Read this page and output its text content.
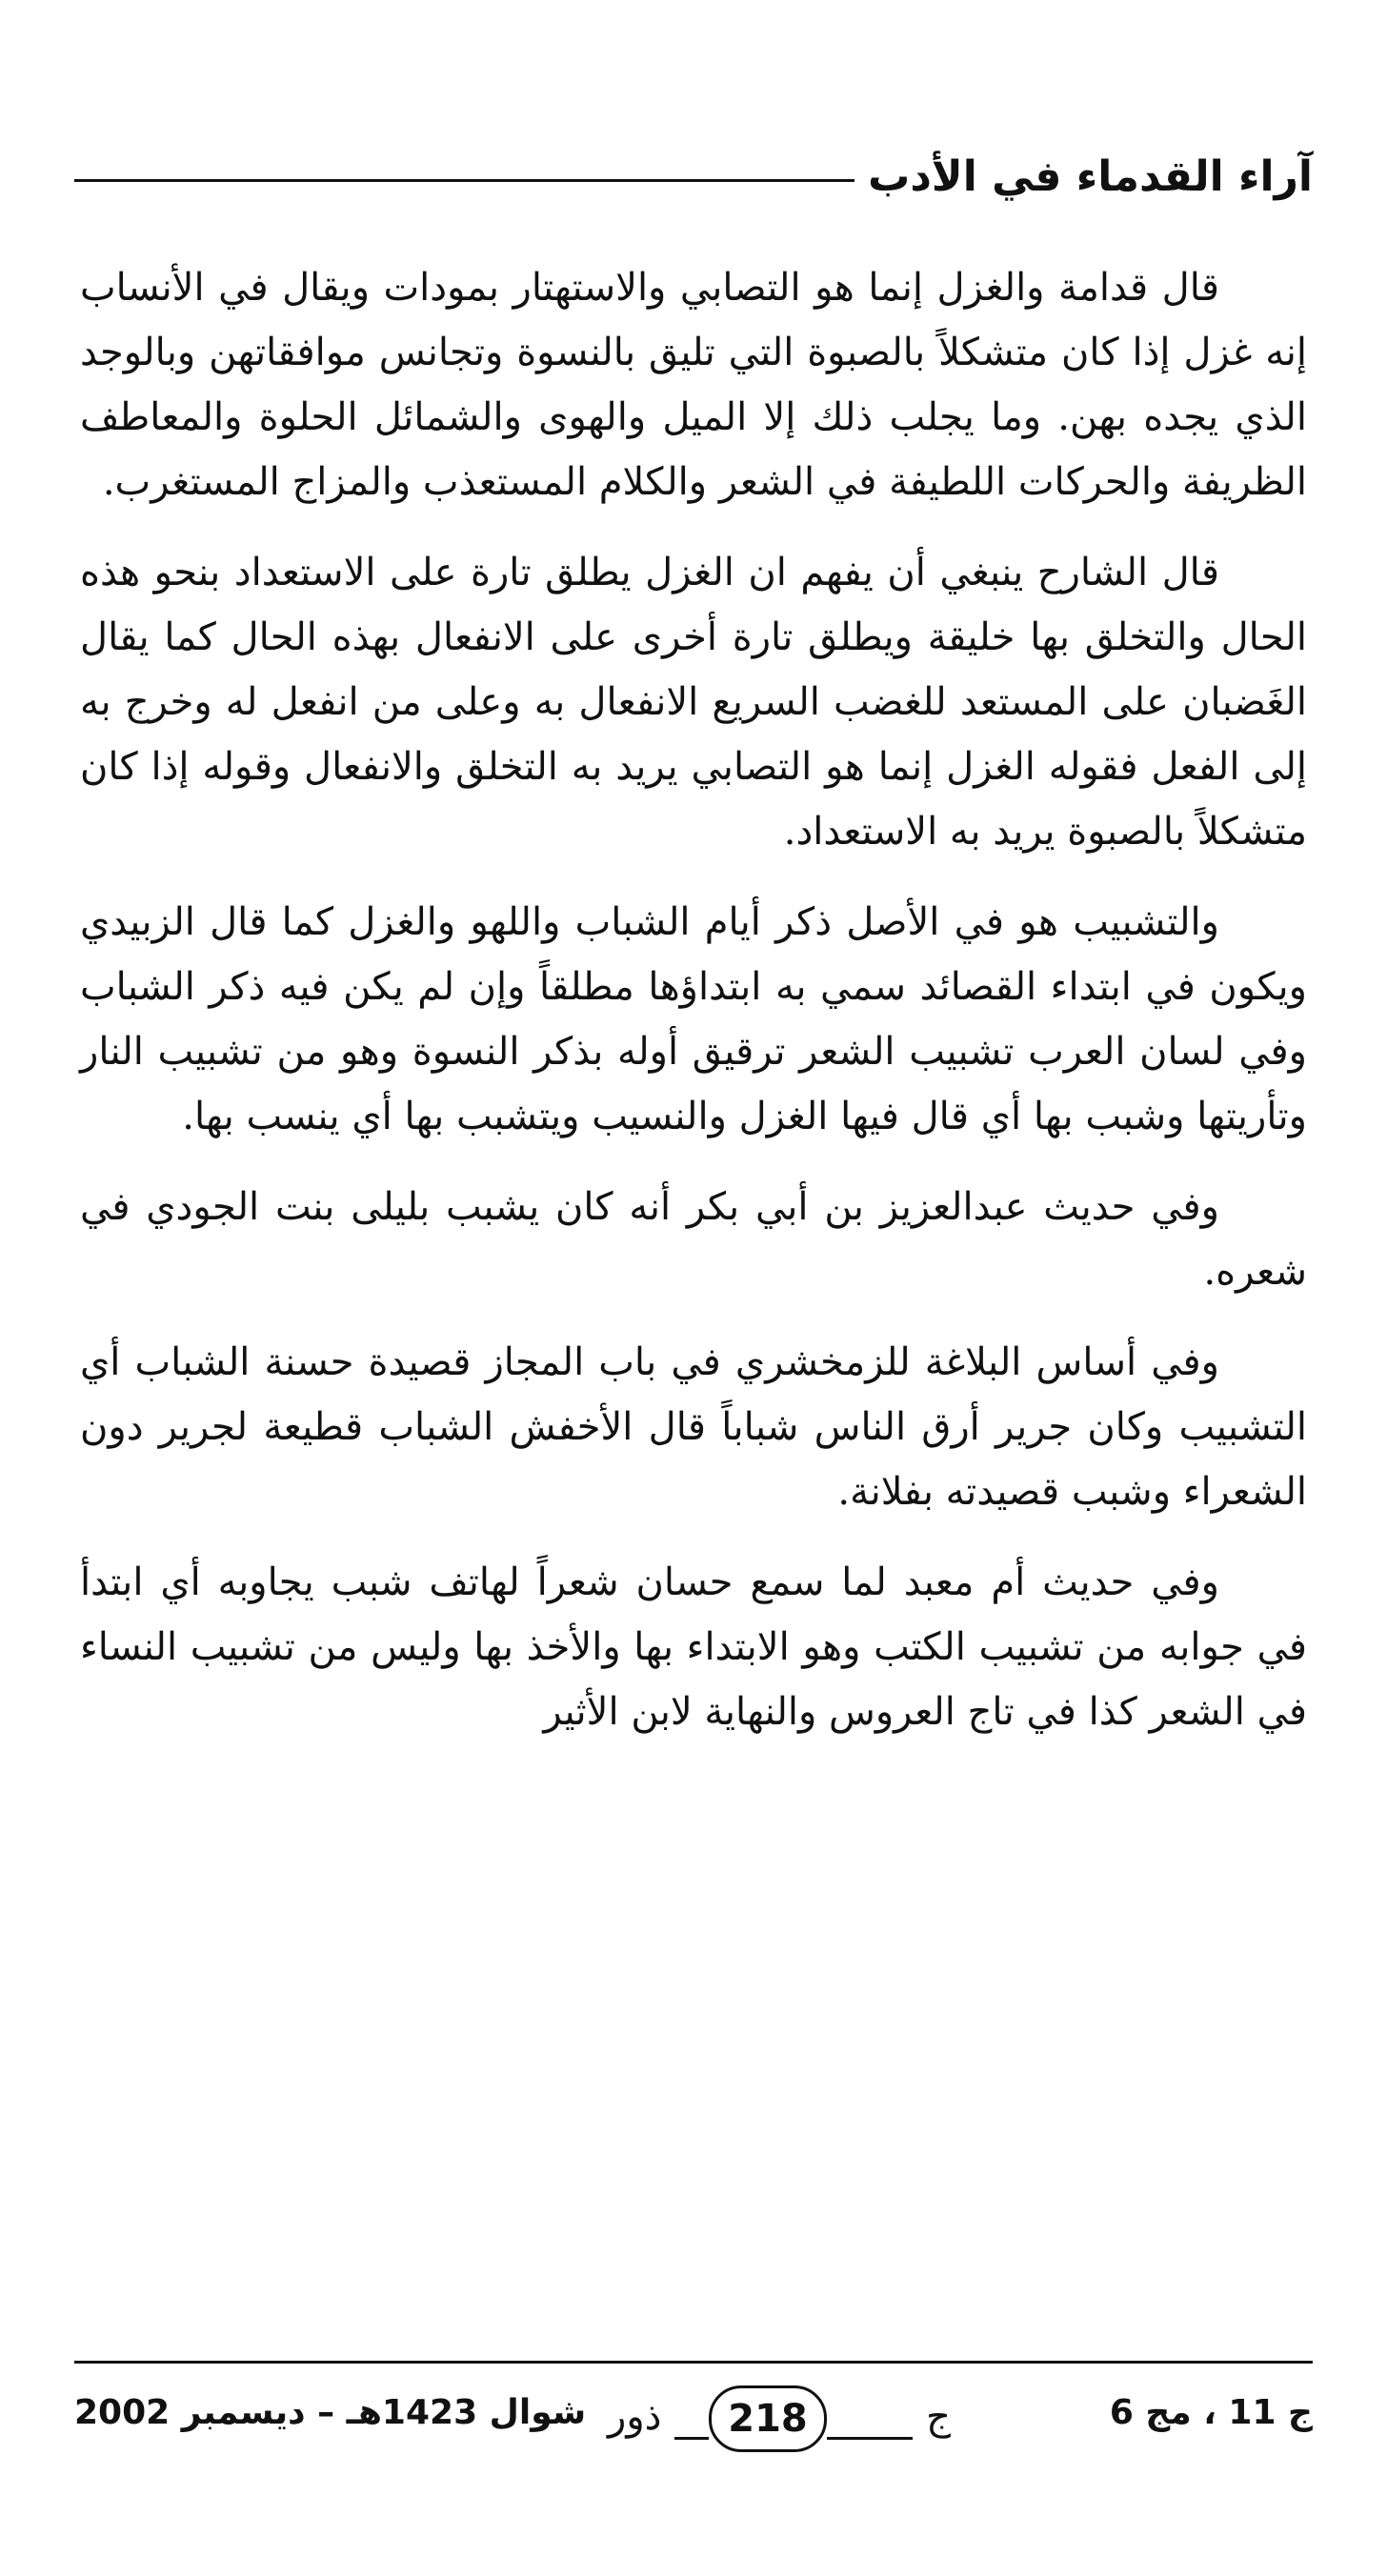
آراء القدماء في الأدب

قال قدامة والغزل إنما هو التصابي والاستهتار بمودات ويقال في الأنساب إنه غزل إذا كان متشكلاً بالصبوة التي تليق بالنسوة وتجانس موافقاتهن وبالوجد الذي يجده بهن. وما يجلب ذلك إلا الميل والهوى والشمائل الحلوة والمعاطف الظريفة والحركات اللطيفة في الشعر والكلام المستعذب والمزاج المستغرب.

قال الشارح ينبغي أن يفهم ان الغزل يطلق تارة على الاستعداد بنحو هذه الحال والتخلق بها خليقة ويطلق تارة أخرى على الانفعال بهذه الحال كما يقال الغَضبان على المستعد للغضب السريع الانفعال به وعلى من انفعل له وخرج به إلى الفعل فقوله الغزل إنما هو التصابي يريد به التخلق والانفعال وقوله إذا كان متشكلاً بالصبوة يريد به الاستعداد.

والتشبيب هو في الأصل ذكر أيام الشباب واللهو والغزل كما قال الزبيدي ويكون في ابتداء القصائد سمي به ابتداؤها مطلقاً وإن لم يكن فيه ذكر الشباب وفي لسان العرب تشبيب الشعر ترقيق أوله بذكر النسوة وهو من تشبيب النار وتأريتها وشبب بها أي قال فيها الغزل والنسيب ويتشبب بها أي ينسب بها.

وفي حديث عبدالعزيز بن أبي بكر أنه كان يشبب بليلى بنت الجودي في شعره.

وفي أساس البلاغة للزمخشري في باب المجاز قصيدة حسنة الشباب أي التشبيب وكان جرير أرق الناس شباباً قال الأخفش الشباب قطيعة لجرير دون الشعراء وشبب قصيدته بفلانة.

وفي حديث أم معبد لما سمع حسان شعراً لهاتف شبب يجاوبه أي ابتدأ في جوابه من تشبيب الكتب وهو الابتداء بها والأخذ بها وليس من تشبيب النساء في الشعر كذا في تاج العروس والنهاية لابن الأثير

ج 11 ، مج 6
ذور	218	ج
شوال 1423هـ – ديسمبر 2002
